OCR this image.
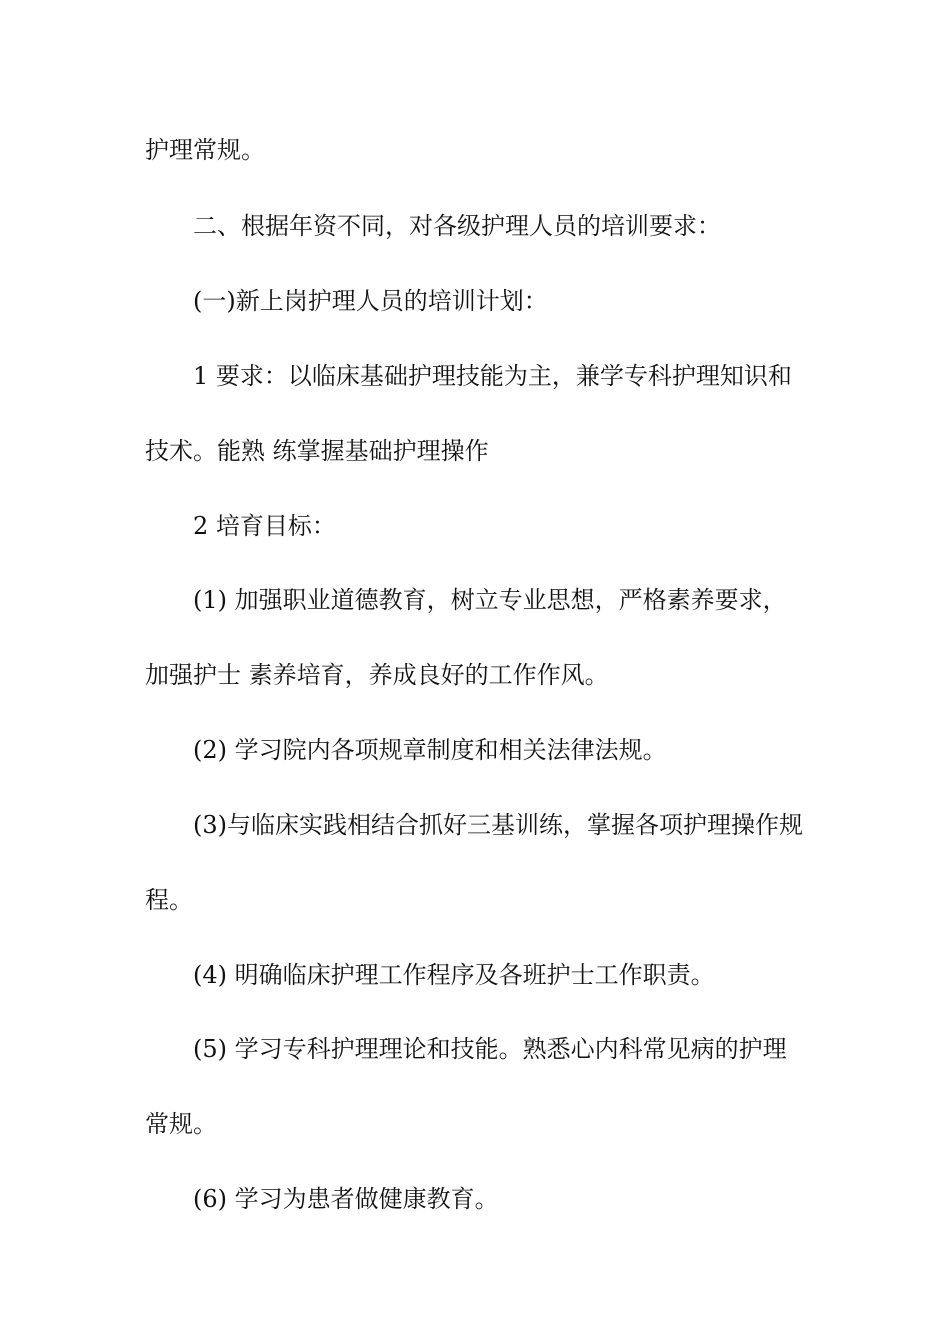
护理常规。

二、根据年资不同，对各级护理人员的培训要求：

(一)新上岗护理人员的培训计划：

1 要求：以临床基础护理技能为主，兼学专科护理知识和

技术。能熟 练掌握基础护理操作

2 培育目标：

(1) 加强职业道德教育，树立专业思想，严格素养要求，

加强护士 素养培育，养成良好的工作作风。

(2) 学习院内各项规章制度和相关法律法规。

(3)与临床实践相结合抓好三基训练，掌握各项护理操作规

程。

(4) 明确临床护理工作程序及各班护士工作职责。

(5) 学习专科护理理论和技能。熟悉心内科常见病的护理

常规。

(6) 学习为患者做健康教育。
